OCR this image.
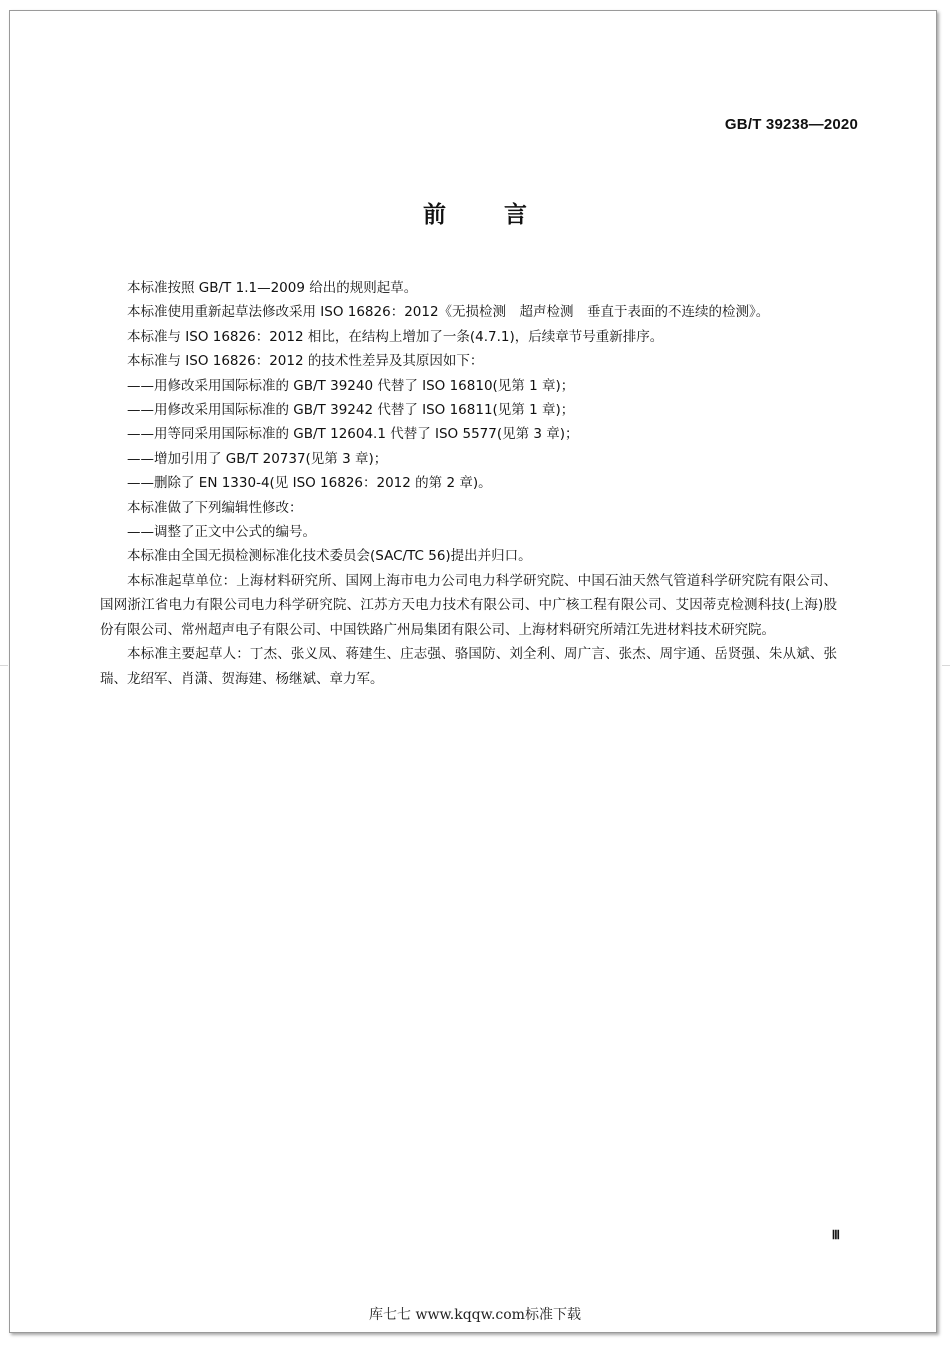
GB/T 39238—2020
前言

本标准按照 GB/T 1.1—2009 给出的规则起草。

本标准使用重新起草法修改采用 ISO 16826：2012《无损检测　超声检测　垂直于表面的不连续的检测》。

本标准与 ISO 16826：2012 相比，在结构上增加了一条(4.7.1)，后续章节号重新排序。

本标准与 ISO 16826：2012 的技术性差异及其原因如下：

——用修改采用国际标准的 GB/T 39240 代替了 ISO 16810(见第 1 章)；

——用修改采用国际标准的 GB/T 39242 代替了 ISO 16811(见第 1 章)；

——用等同采用国际标准的 GB/T 12604.1 代替了 ISO 5577(见第 3 章)；

——增加引用了 GB/T 20737(见第 3 章)；

——删除了 EN 1330-4(见 ISO 16826：2012 的第 2 章)。

本标准做了下列编辑性修改：

——调整了正文中公式的编号。

本标准由全国无损检测标准化技术委员会(SAC/TC 56)提出并归口。

本标准起草单位：上海材料研究所、国网上海市电力公司电力科学研究院、中国石油天然气管道科学研究院有限公司、国网浙江省电力有限公司电力科学研究院、江苏方天电力技术有限公司、中广核工程有限公司、艾因蒂克检测科技(上海)股份有限公司、常州超声电子有限公司、中国铁路广州局集团有限公司、上海材料研究所靖江先进材料技术研究院。

本标准主要起草人：丁杰、张义凤、蒋建生、庄志强、骆国防、刘全利、周广言、张杰、周宇通、岳贤强、朱从斌、张瑞、龙绍军、肖潇、贺海建、杨继斌、章力军。

Ⅲ
库七七 www.kqqw.com标准下载
